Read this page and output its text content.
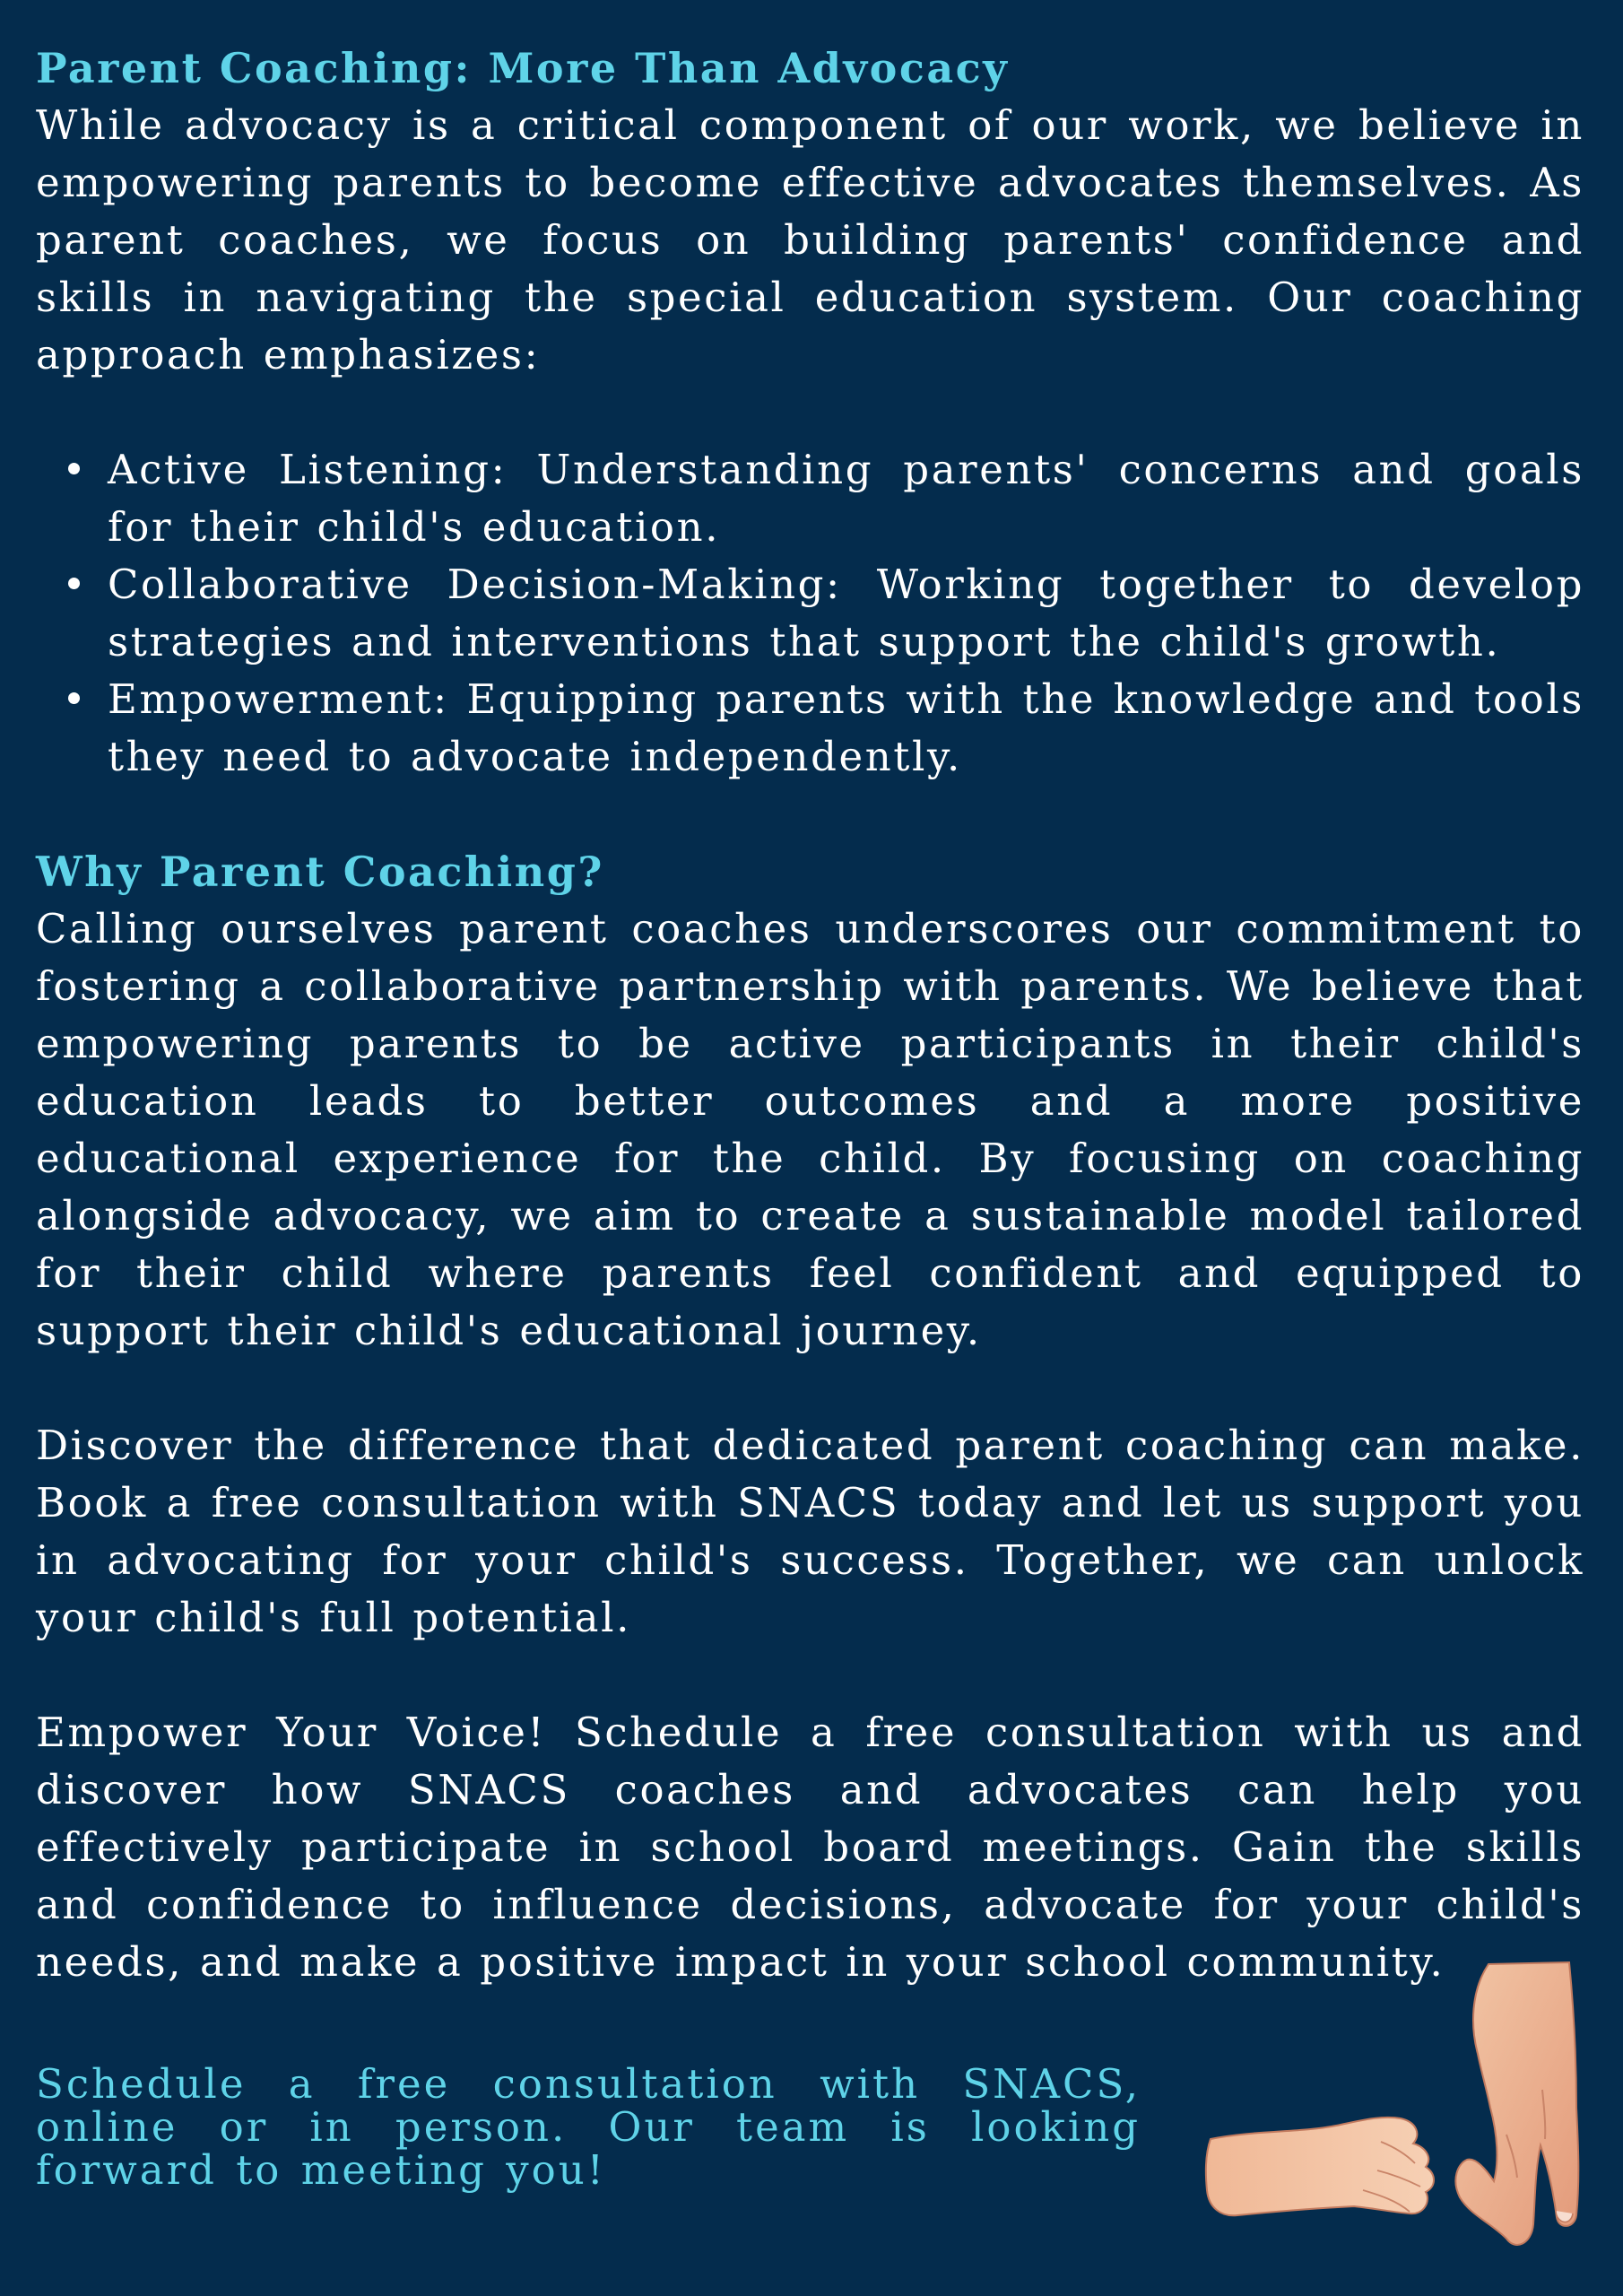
Parent Coaching: More Than Advocacy

While advocacy is a critical component of our work, we believe in empowering parents to become effective advocates themselves. As parent coaches, we focus on building parents' confidence and skills in navigating the special education system. Our coaching approach emphasizes:

Active Listening: Understanding parents' concerns and goals for their child's education.
Collaborative Decision-Making: Working together to develop strategies and interventions that support the child's growth.
Empowerment: Equipping parents with the knowledge and tools they need to advocate independently.
Why Parent Coaching?

Calling ourselves parent coaches underscores our commitment to fostering a collaborative partnership with parents. We believe that empowering parents to be active participants in their child's education leads to better outcomes and a more positive educational experience for the child. By focusing on coaching alongside advocacy, we aim to create a sustainable model tailored for their child where parents feel confident and equipped to support their child's educational journey.

Discover the difference that dedicated parent coaching can make. Book a free consultation with SNACS today and let us support you in advocating for your child's success. Together, we can unlock your child's full potential.

Empower Your Voice! Schedule a free consultation with us and discover how SNACS coaches and advocates can help you effectively participate in school board meetings. Gain the skills and confidence to influence decisions, advocate for your child's needs, and make a positive impact in your school community.

Schedule a free consultation with SNACS, online or in person. Our team is looking forward to meeting you!
